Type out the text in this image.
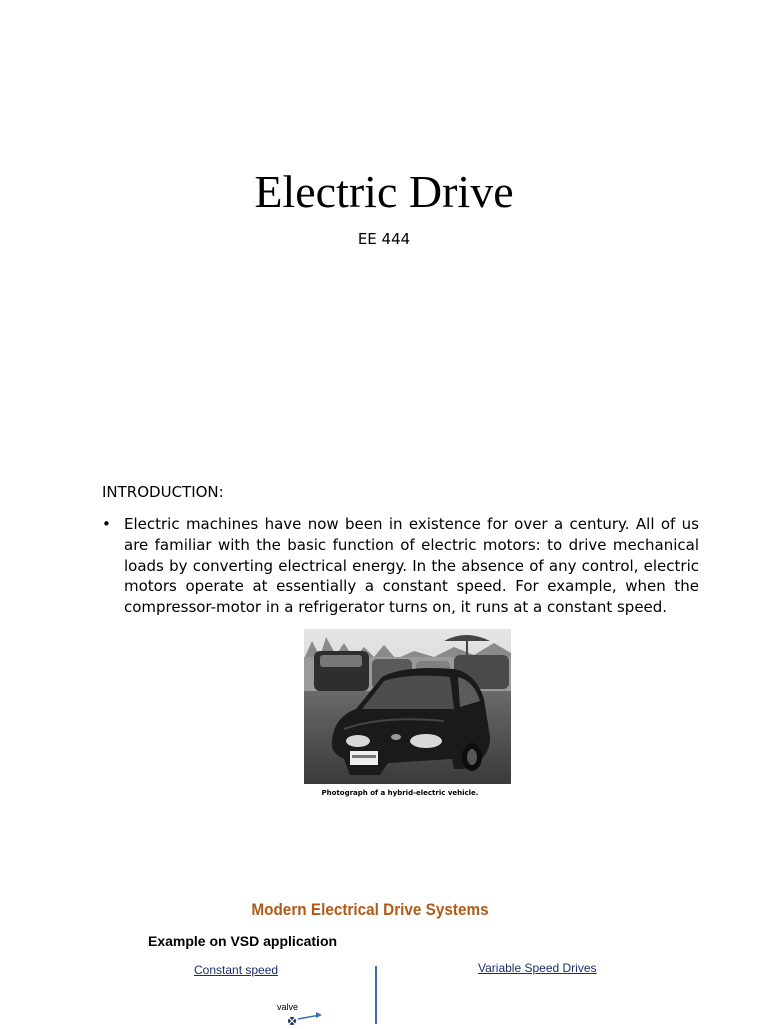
Electric Drive
EE 444
INTRODUCTION:
• Electric machines have now been in existence for over a century. All of us are familiar with the basic function of electric motors: to drive mechanical loads by converting electrical energy. In the absence of any control, electric motors operate at essentially a constant speed. For example, when the compressor-motor in a refrigerator turns on, it runs at a constant speed.
Photograph of a hybrid-electric vehicle.
Modern Electrical Drive Systems
Example on VSD application
Constant speed	Variable Speed Drives
valve
